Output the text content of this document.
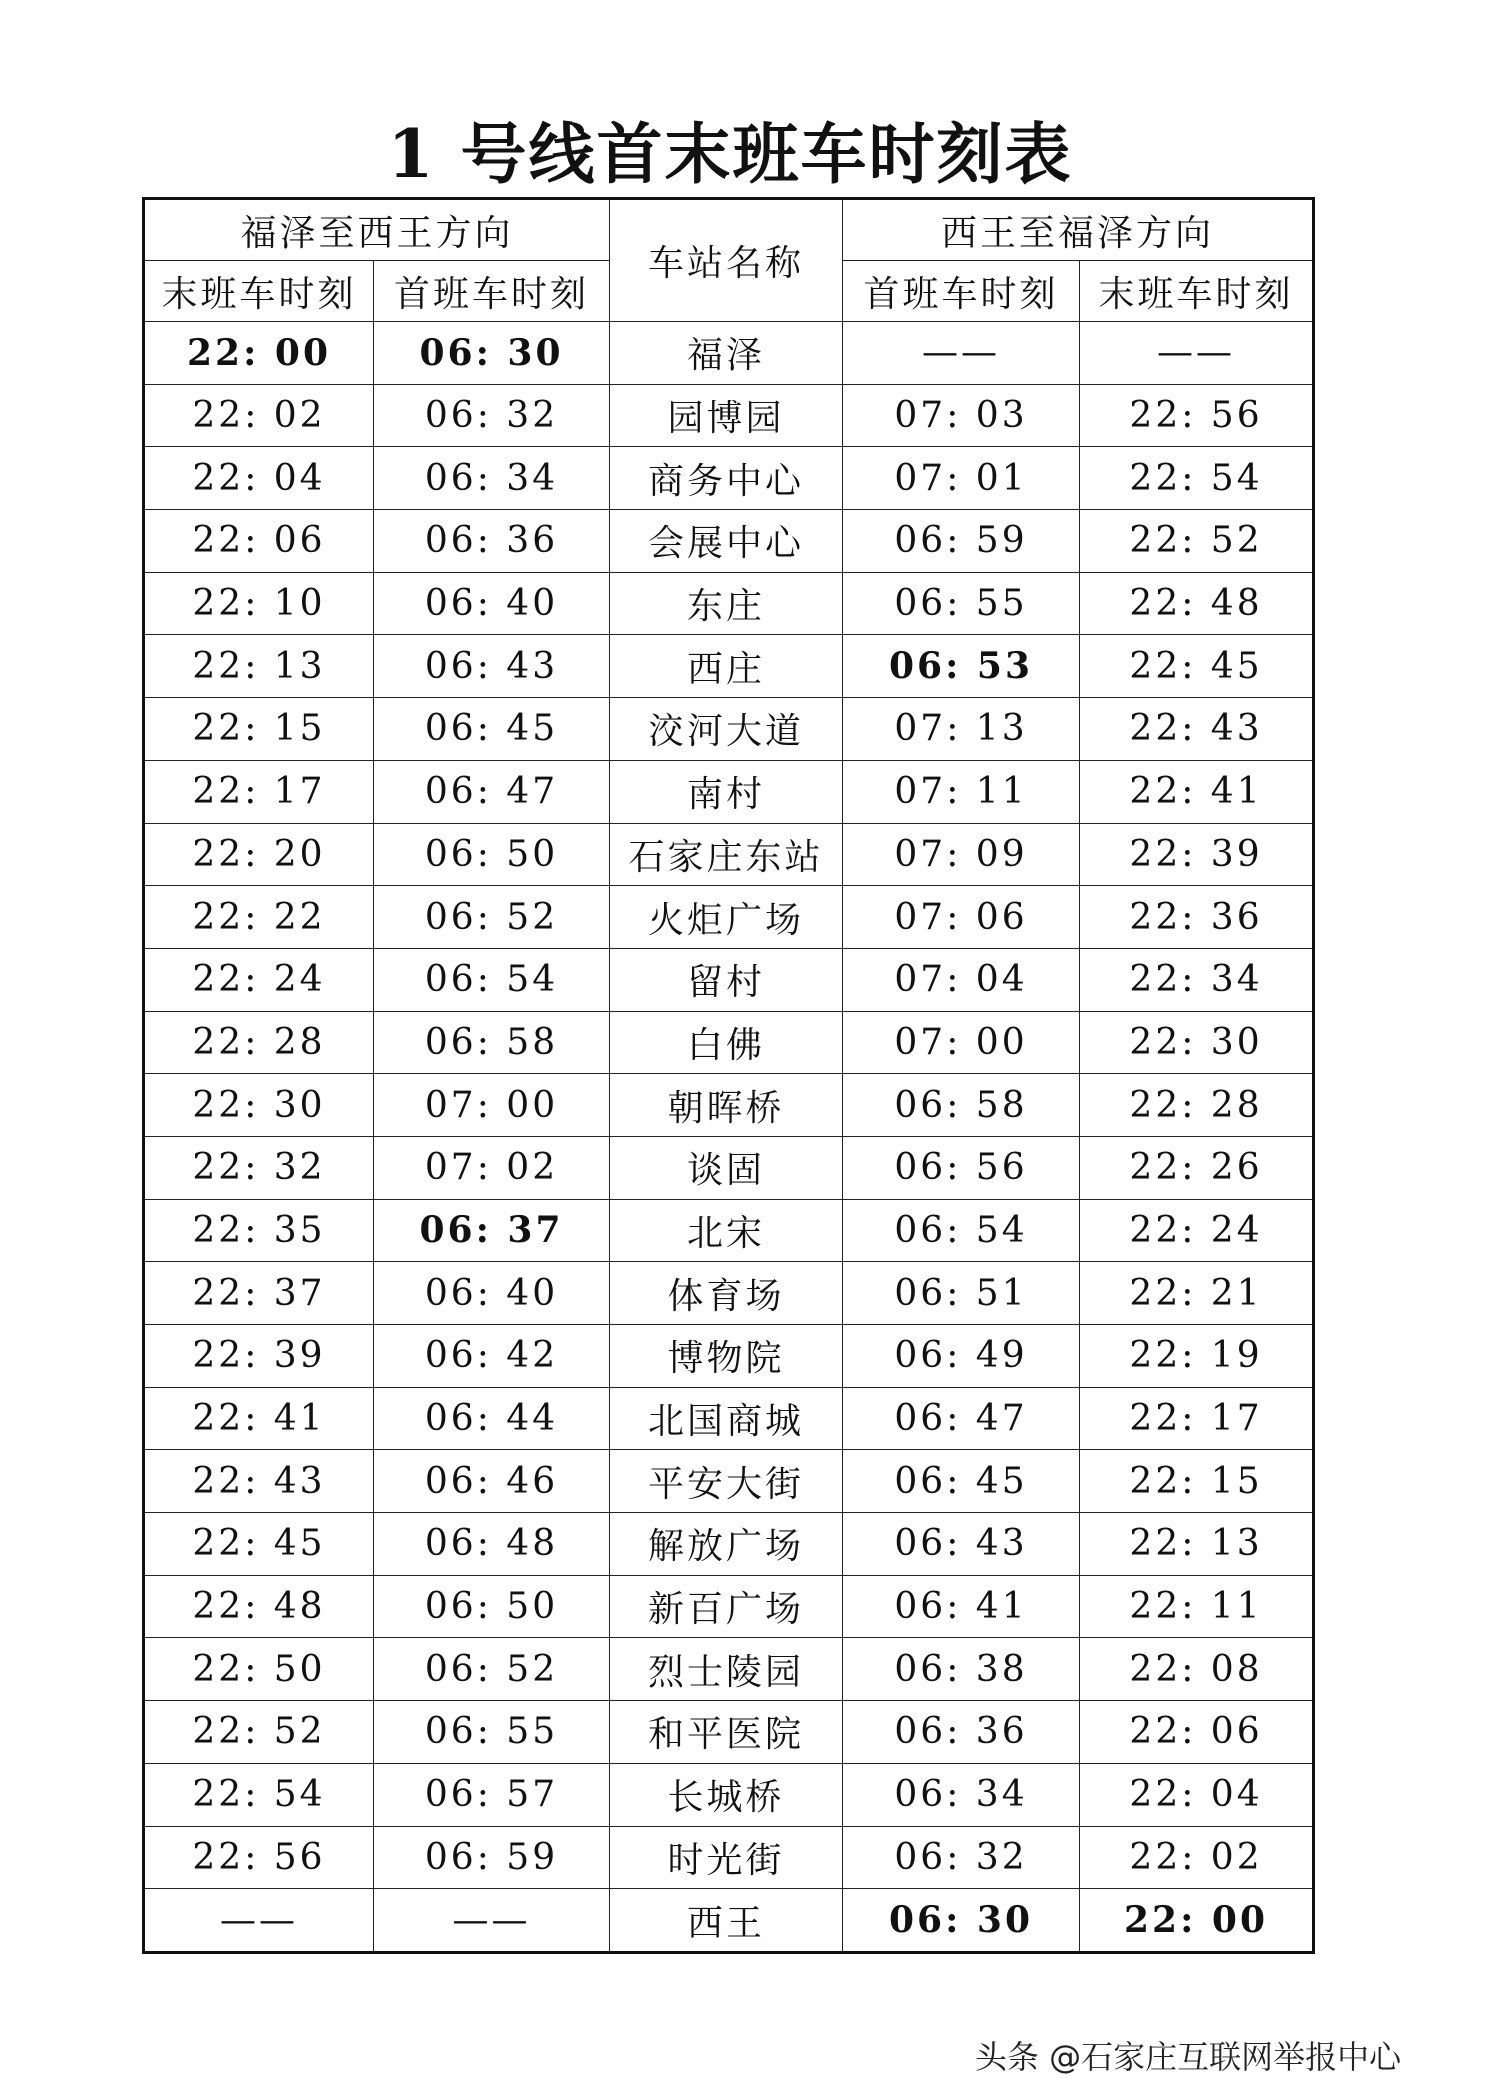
1 号线首末班车时刻表
福泽至西王方向		车站名称	西王至福泽方向	
末班车时刻	首班车时刻		首班车时刻	末班车时刻
22: 00	06: 30	福泽	——	——
22: 02	06: 32	园博园	07: 03	22: 56
22: 04	06: 34	商务中心	07: 01	22: 54
22: 06	06: 36	会展中心	06: 59	22: 52
22: 10	06: 40	东庄	06: 55	22: 48
22: 13	06: 43	西庄	06: 53	22: 45
22: 15	06: 45	洨河大道	07: 13	22: 43
22: 17	06: 47	南村	07: 11	22: 41
22: 20	06: 50	石家庄东站	07: 09	22: 39
22: 22	06: 52	火炬广场	07: 06	22: 36
22: 24	06: 54	留村	07: 04	22: 34
22: 28	06: 58	白佛	07: 00	22: 30
22: 30	07: 00	朝晖桥	06: 58	22: 28
22: 32	07: 02	谈固	06: 56	22: 26
22: 35	06: 37	北宋	06: 54	22: 24
22: 37	06: 40	体育场	06: 51	22: 21
22: 39	06: 42	博物院	06: 49	22: 19
22: 41	06: 44	北国商城	06: 47	22: 17
22: 43	06: 46	平安大街	06: 45	22: 15
22: 45	06: 48	解放广场	06: 43	22: 13
22: 48	06: 50	新百广场	06: 41	22: 11
22: 50	06: 52	烈士陵园	06: 38	22: 08
22: 52	06: 55	和平医院	06: 36	22: 06
22: 54	06: 57	长城桥	06: 34	22: 04
22: 56	06: 59	时光街	06: 32	22: 02
——	——	西王	06: 30	22: 00
头条 @石家庄互联网举报中心
